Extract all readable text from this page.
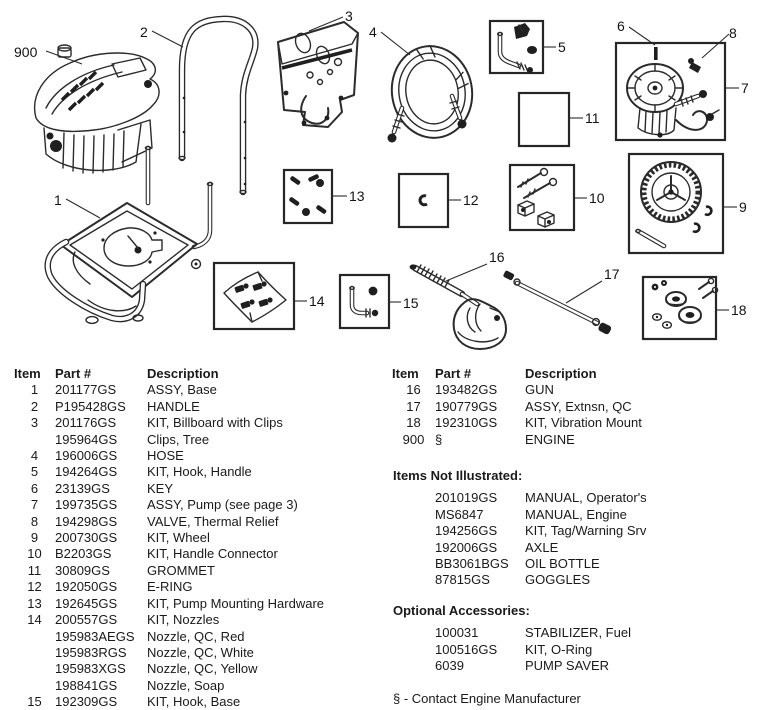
900
2
1
3
4
5
6	8
7
11
13	12	10
9
14	15
16
17
18
Item	Part #	Description
1	201177GS	ASSY, Base
2	P195428GS	HANDLE
3	201176GS	KIT, Billboard with Clips
195964GS	Clips, Tree
4	196006GS	HOSE
5	194264GS	KIT, Hook, Handle
6	23139GS	KEY
7	199735GS	ASSY, Pump (see page 3)
8	194298GS	VALVE, Thermal Relief
9	200730GS	KIT, Wheel
10	B2203GS	KIT, Handle Connector
11	30809GS	GROMMET
12	192050GS	E-RING
13	192645GS	KIT, Pump Mounting Hardware
14	200557GS	KIT, Nozzles
195983AEGS Nozzle, QC, Red
195983RGS	Nozzle, QC, White
195983XGS	Nozzle, QC, Yellow
198841GS	Nozzle, Soap
15	192309GS	KIT, Hook, Base
Item	Part #	Description
16	193482GS	GUN
17	190779GS	ASSY, Extnsn, QC
18	192310GS	KIT, Vibration Mount
900 §	ENGINE
Items Not Illustrated:
201019GS	MANUAL, Operator's
MS6847	MANUAL, Engine
194256GS	KIT, Tag/Warning Srv
192006GS	AXLE
BB3061BGS	OIL BOTTLE
87815GS	GOGGLES
Optional Accessories:
100031	STABILIZER, Fuel
100516GS	KIT, O-Ring
6039	PUMP SAVER
§ - Contact Engine Manufacturer
